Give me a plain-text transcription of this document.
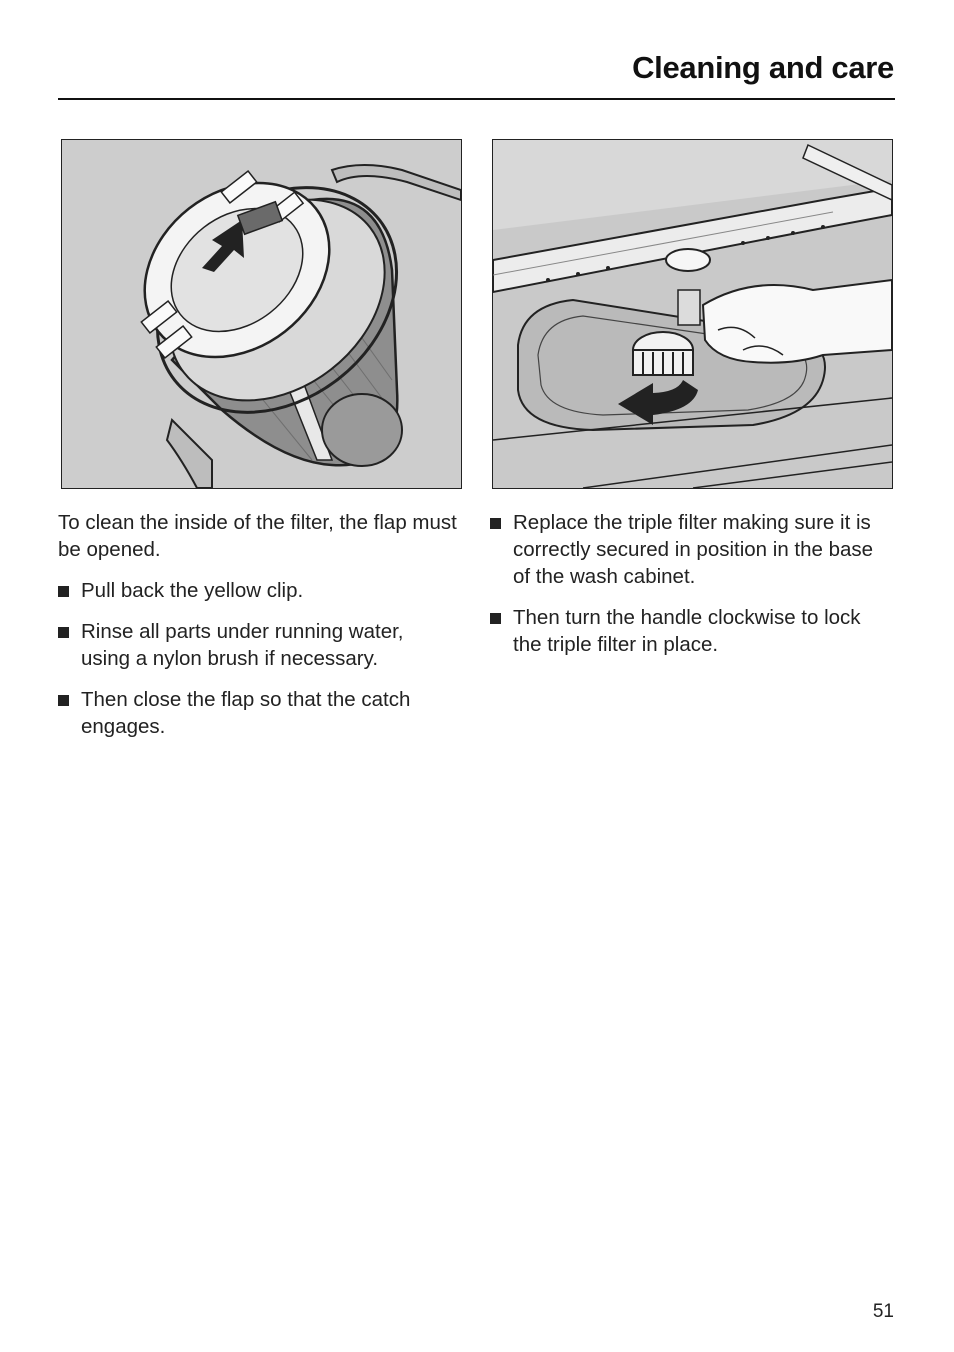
Cleaning and care

To clean the inside of the filter, the flap must be opened.

Pull back the yellow clip.
Rinse all parts under running water, using a nylon brush if necessary.
Then close the flap so that the catch engages.
Replace the triple filter making sure it is correctly secured in position in the base of the wash cabinet.
Then turn the handle clockwise to lock the triple filter in place.
51
